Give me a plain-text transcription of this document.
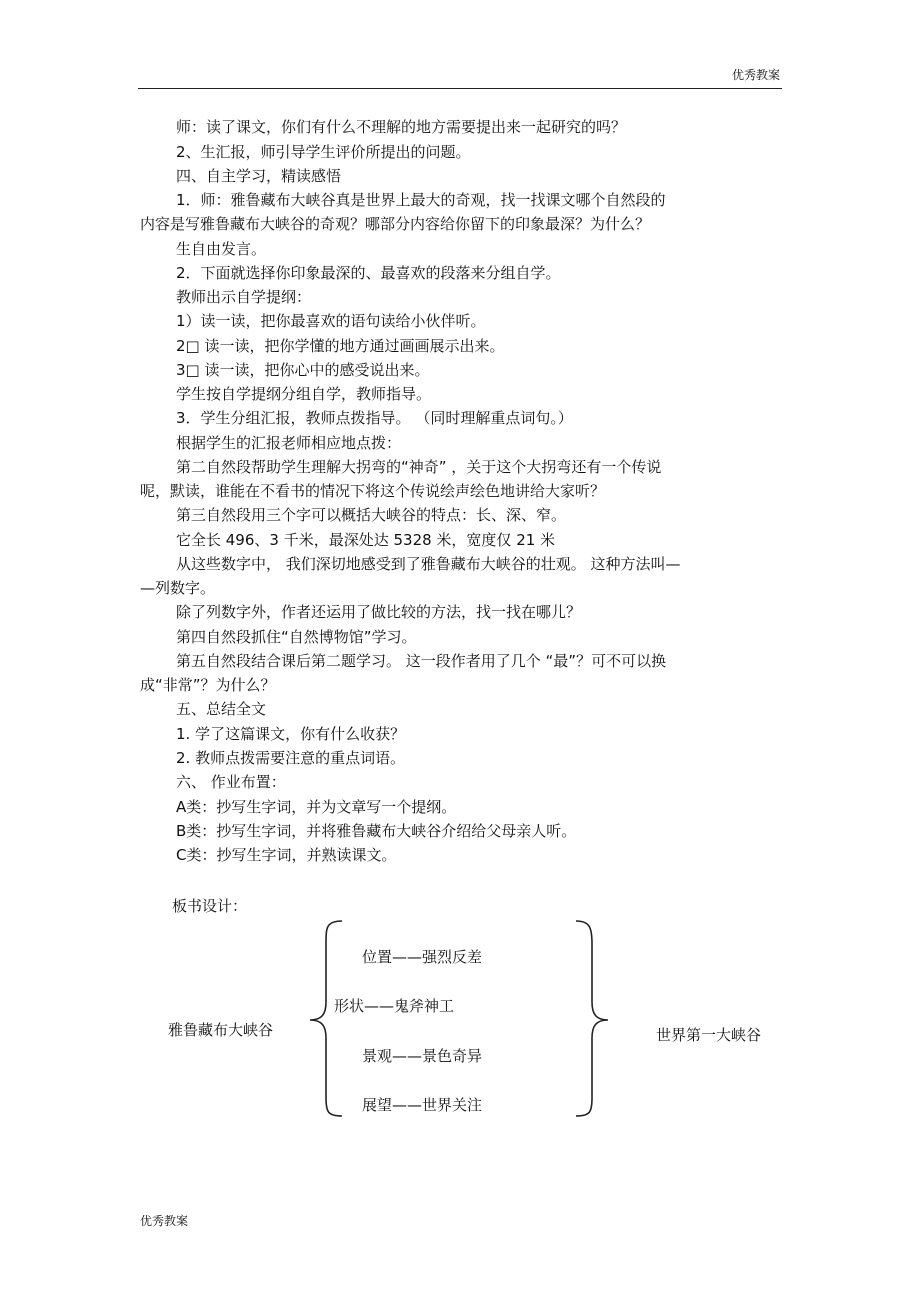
优秀教案
师：读了课文，你们有什么不理解的地方需要提出来一起研究的吗？
2、生汇报，师引导学生评价所提出的问题。
四、自主学习，精读感悟
1．师：雅鲁藏布大峡谷真是世界上最大的奇观，找一找课文哪个自然段的
内容是写雅鲁藏布大峡谷的奇观？哪部分内容给你留下的印象最深？为什么？
生自由发言。
2．下面就选择你印象最深的、最喜欢的段落来分组自学。
教师出示自学提纲：
1）读一读，把你最喜欢的语句读给小伙伴听。
2□ 读一读，把你学懂的地方通过画画展示出来。
3□ 读一读，把你心中的感受说出来。
学生按自学提纲分组自学，教师指导。
3．学生分组汇报，教师点拨指导。 （同时理解重点词句。）
根据学生的汇报老师相应地点拨：
第二自然段帮助学生理解大拐弯的“神奇” ，关于这个大拐弯还有一个传说
呢，默读，谁能在不看书的情况下将这个传说绘声绘色地讲给大家听？
第三自然段用三个字可以概括大峡谷的特点：长、深、窄。
它全长 496、3 千米，最深处达 5328 米，宽度仅 21 米
从这些数字中， 我们深切地感受到了雅鲁藏布大峡谷的壮观。 这种方法叫—
—列数字。
除了列数字外，作者还运用了做比较的方法，找一找在哪儿？
第四自然段抓住“自然博物馆”学习。
第五自然段结合课后第二题学习。 这一段作者用了几个 “最”？可不可以换
成“非常”？为什么？
五、总结全文
1. 学了这篇课文，你有什么收获？
2. 教师点拨需要注意的重点词语。
六、 作业布置：
A类：抄写生字词，并为文章写一个提纲。
B类：抄写生字词，并将雅鲁藏布大峡谷介绍给父母亲人听。
C类：抄写生字词，并熟读课文。
板书设计：
雅鲁藏布大峡谷
位置——强烈反差
形状——鬼斧神工
景观——景色奇异
展望——世界关注
世界第一大峡谷
优秀教案
